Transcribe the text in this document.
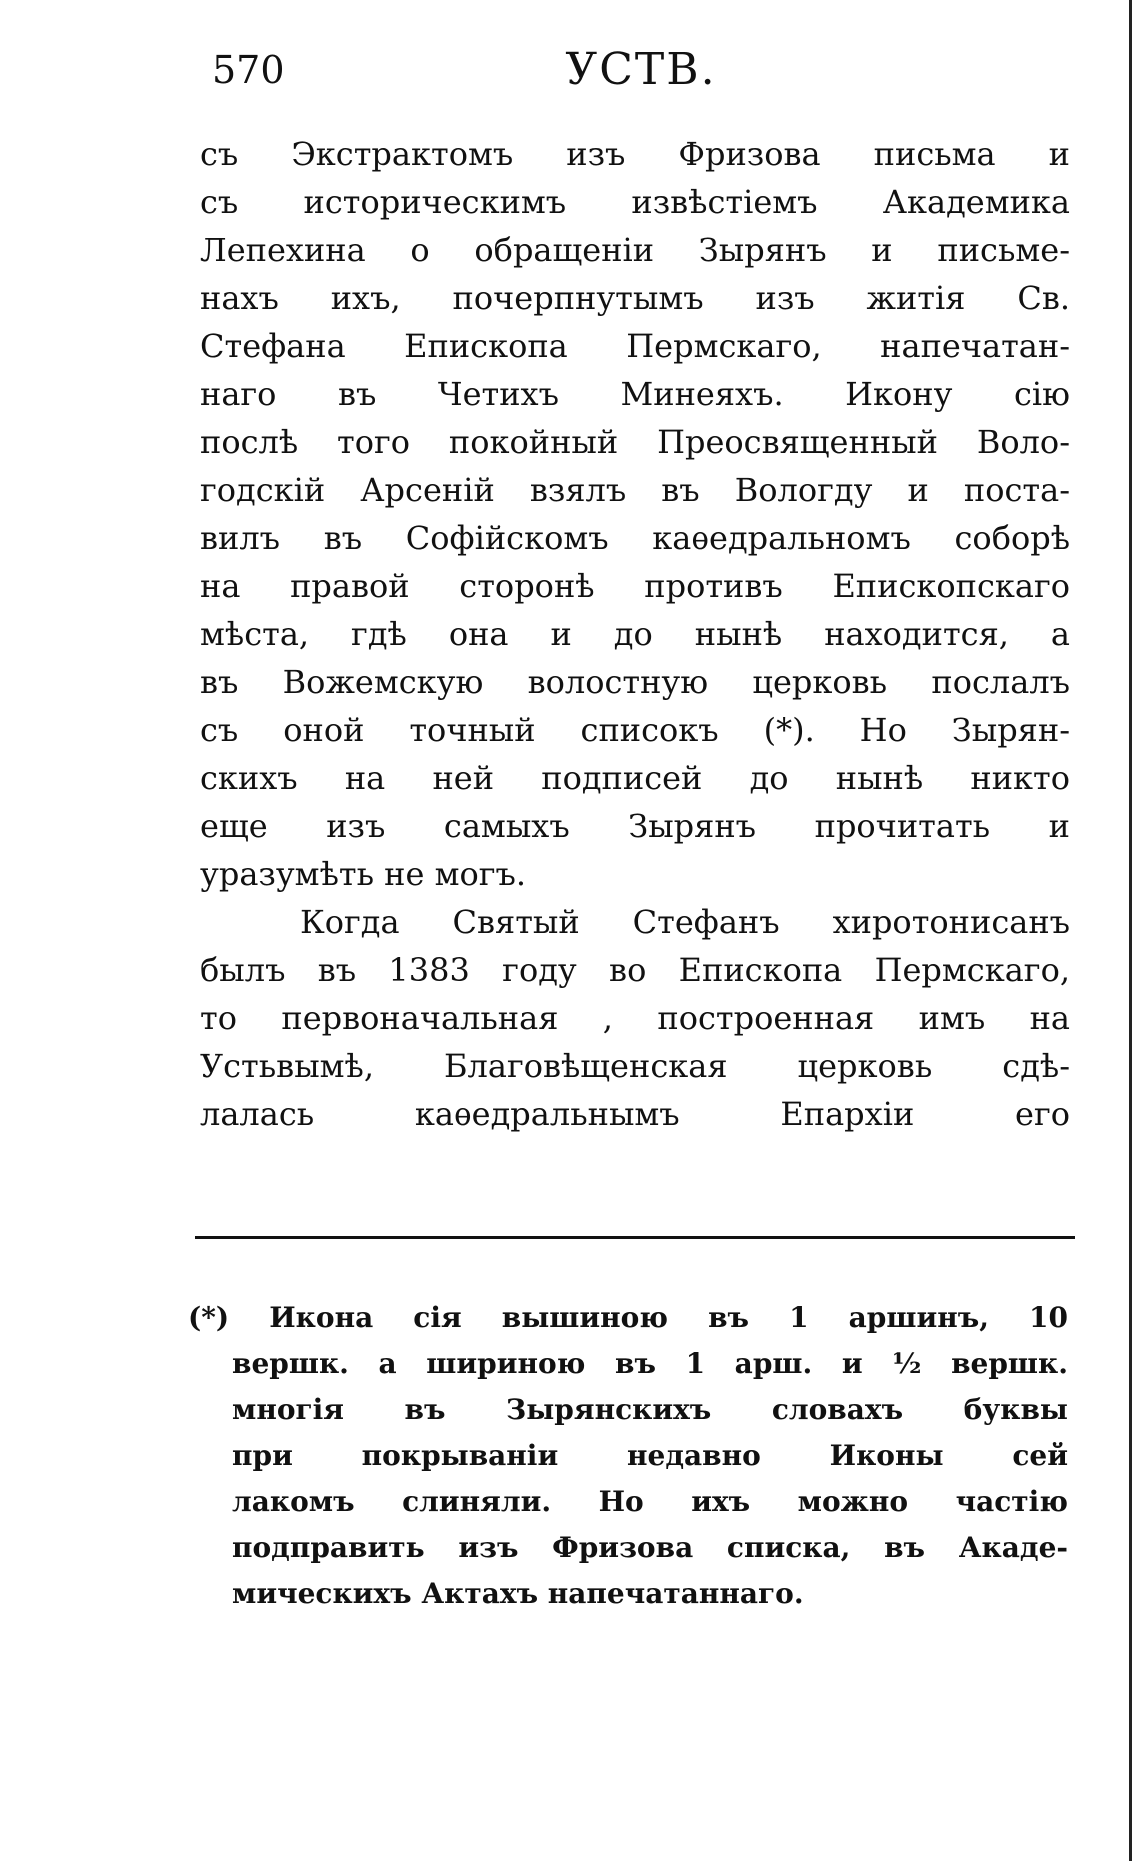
570	УСТВ.
съ Экстрактомъ изъ Фризова письма и
съ историческимъ извѣстіемъ Академика
Лепехина о обращеніи Зырянъ и письме-
нахъ ихъ, почерпнутымъ изъ житія Св.
Стефана Епископа Пермскаго, напечатан-
наго въ Четихъ Минеяхъ. Икону сію
послѣ того покойный Преосвященный Воло-
годскій Арсеній взялъ въ Вологду и поста-
вилъ въ Софійскомъ каѳедральномъ соборѣ
на правой сторонѣ противъ Епископскаго
мѣста, гдѣ она и до нынѣ находится, а
въ Вожемскую волостную церковь послалъ
съ оной точный списокъ (*). Но Зырян-
скихъ на ней подписей до нынѣ никто
еще изъ самыхъ Зырянъ прочитать и
уразумѣть не могъ.
Когда Святый Стефанъ хиротонисанъ
былъ въ 1383 году во Епископа Пермскаго,
то первоначальная , построенная имъ на
Устьвымѣ, Благовѣщенская церковь сдѣ-
лалась каѳедральнымъ Епархіи его
(*) Икона сія вышиною въ 1 аршинъ, 10
вершк. а шириною въ 1 арш. и ½ вершк.
многія въ Зырянскихъ словахъ буквы
при покрываніи недавно Иконы сей
лакомъ слиняли. Но ихъ можно частію
подправить изъ Фризова списка, въ Акаде-
мическихъ Актахъ напечатаннаго.
